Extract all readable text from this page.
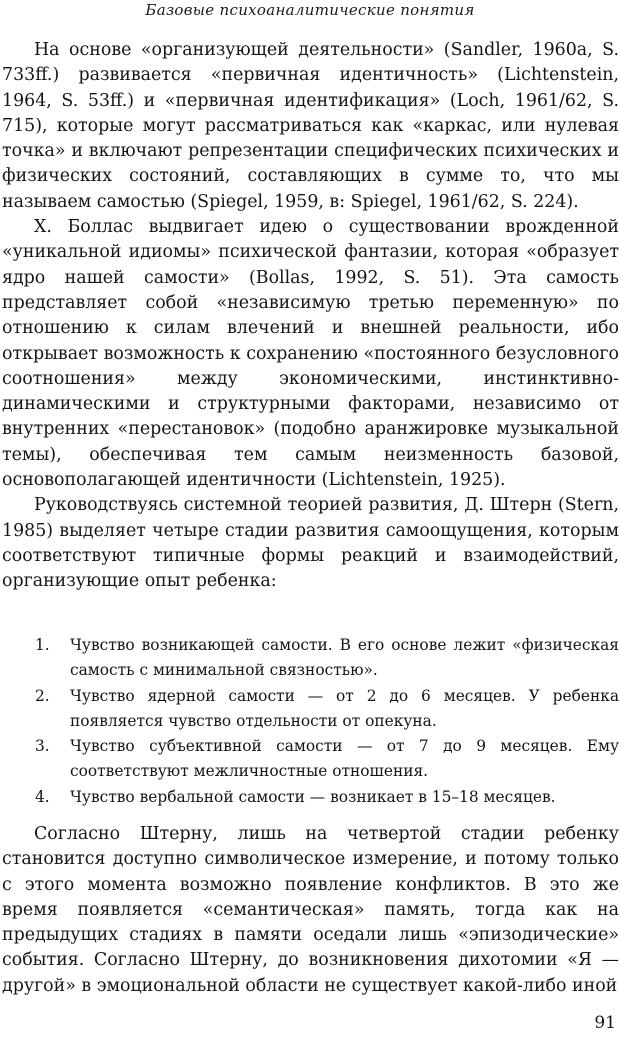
Базовые психоаналитические понятия

На основе «организующей деятельности» (Sandler, 1960a, S. 733ff.) развивается «первичная идентичность» (Lichtenstein, 1964, S. 53ff.) и «первичная идентификация» (Loch, 1961/62, S. 715), которые могут рассматриваться как «каркас, или нулевая точка» и включают репрезентации специфических психических и физических состояний, составляющих в сумме то, что мы называем самостью (Spiegel, 1959, в: Spiegel, 1961/62, S. 224).

Х. Боллас выдвигает идею о существовании врожденной «уникальной идиомы» психической фантазии, которая «образует ядро нашей самости» (Bollas, 1992, S. 51). Эта самость представляет собой «независимую третью переменную» по отношению к силам влечений и внешней реальности, ибо открывает возможность к сохранению «постоянного безусловного соотношения» между экономическими, инстинктивно-динамическими и структурными факторами, независимо от внутренних «перестановок» (подобно аранжировке музыкальной темы), обеспечивая тем самым неизменность базовой, основополагающей идентичности (Lichtenstein, 1925).

Руководствуясь системной теорией развития, Д. Штерн (Stern, 1985) выделяет четыре стадии развития самоощущения, которым соответствуют типичные формы реакций и взаимодействий, организующие опыт ребенка:

1. Чувство возникающей самости. В его основе лежит «физическая самость с минимальной связностью».
2. Чувство ядерной самости — от 2 до 6 месяцев. У ребенка появляется чувство отдельности от опекуна.
3. Чувство субъективной самости — от 7 до 9 месяцев. Ему соответствуют межличностные отношения.
4. Чувство вербальной самости — возникает в 15–18 месяцев.

Согласно Штерну, лишь на четвертой стадии ребенку становится доступно символическое измерение, и потому только с этого момента возможно появление конфликтов. В это же время появляется «семантическая» память, тогда как на предыдущих стадиях в памяти оседали лишь «эпизодические» события. Согласно Штерну, до возникновения дихотомии «Я — другой» в эмоциональной области не существует какой-либо иной

91
